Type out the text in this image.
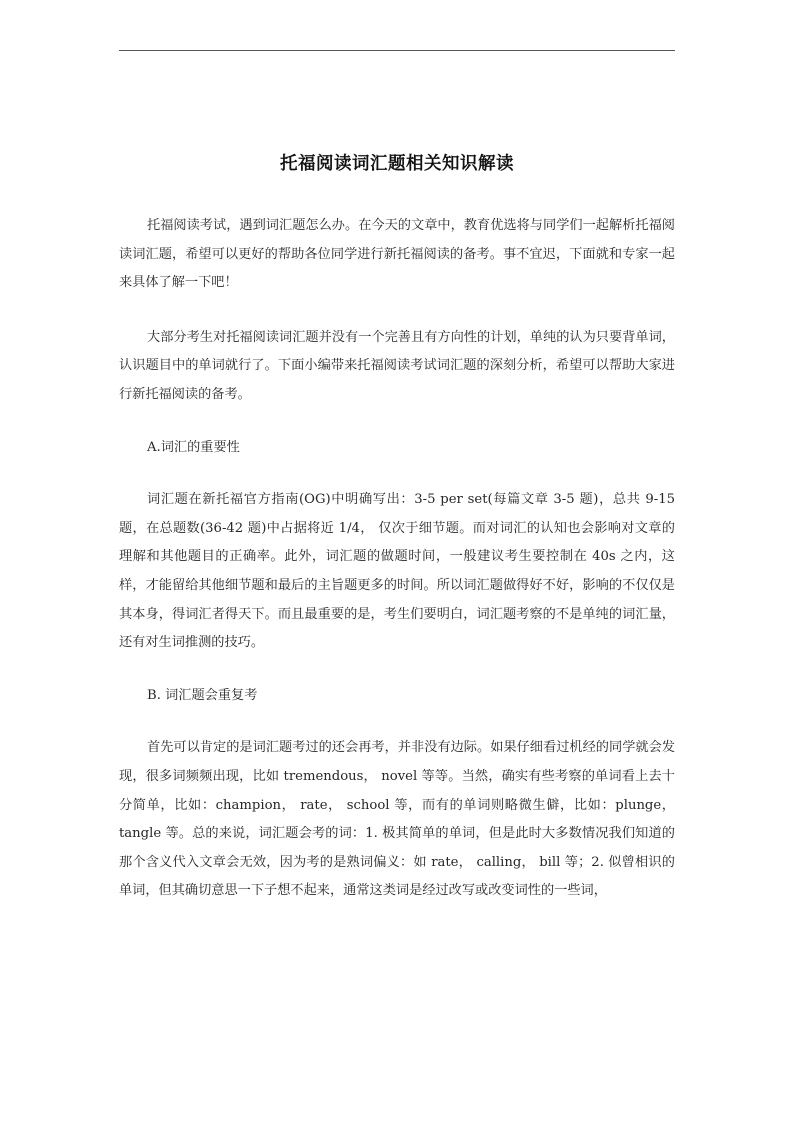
托福阅读词汇题相关知识解读

托福阅读考试，遇到词汇题怎么办。在今天的文章中，教育优选将与同学们一起解析托福阅读词汇题，希望可以更好的帮助各位同学进行新托福阅读的备考。事不宜迟，下面就和专家一起来具体了解一下吧！

大部分考生对托福阅读词汇题并没有一个完善且有方向性的计划，单纯的认为只要背单词，认识题目中的单词就行了。下面小编带来托福阅读考试词汇题的深刻分析，希望可以帮助大家进行新托福阅读的备考。

A.词汇的重要性

词汇题在新托福官方指南(OG)中明确写出：3-5 per set(每篇文章 3-5 题)，总共 9-15 题，在总题数(36-42 题)中占据将近 1/4， 仅次于细节题。而对词汇的认知也会影响对文章的理解和其他题目的正确率。此外，词汇题的做题时间，一般建议考生要控制在 40s 之内，这样，才能留给其他细节题和最后的主旨题更多的时间。所以词汇题做得好不好，影响的不仅仅是其本身，得词汇者得天下。而且最重要的是，考生们要明白，词汇题考察的不是单纯的词汇量，还有对生词推测的技巧。

B. 词汇题会重复考

首先可以肯定的是词汇题考过的还会再考，并非没有边际。如果仔细看过机经的同学就会发现，很多词频频出现，比如 tremendous， novel 等等。当然，确实有些考察的单词看上去十分简单，比如：champion， rate， school 等，而有的单词则略微生僻，比如：plunge，tangle 等。总的来说，词汇题会考的词：1. 极其简单的单词，但是此时大多数情况我们知道的那个含义代入文章会无效，因为考的是熟词偏义：如 rate， calling， bill 等；2. 似曾相识的单词，但其确切意思一下子想不起来，通常这类词是经过改写或改变词性的一些词，
